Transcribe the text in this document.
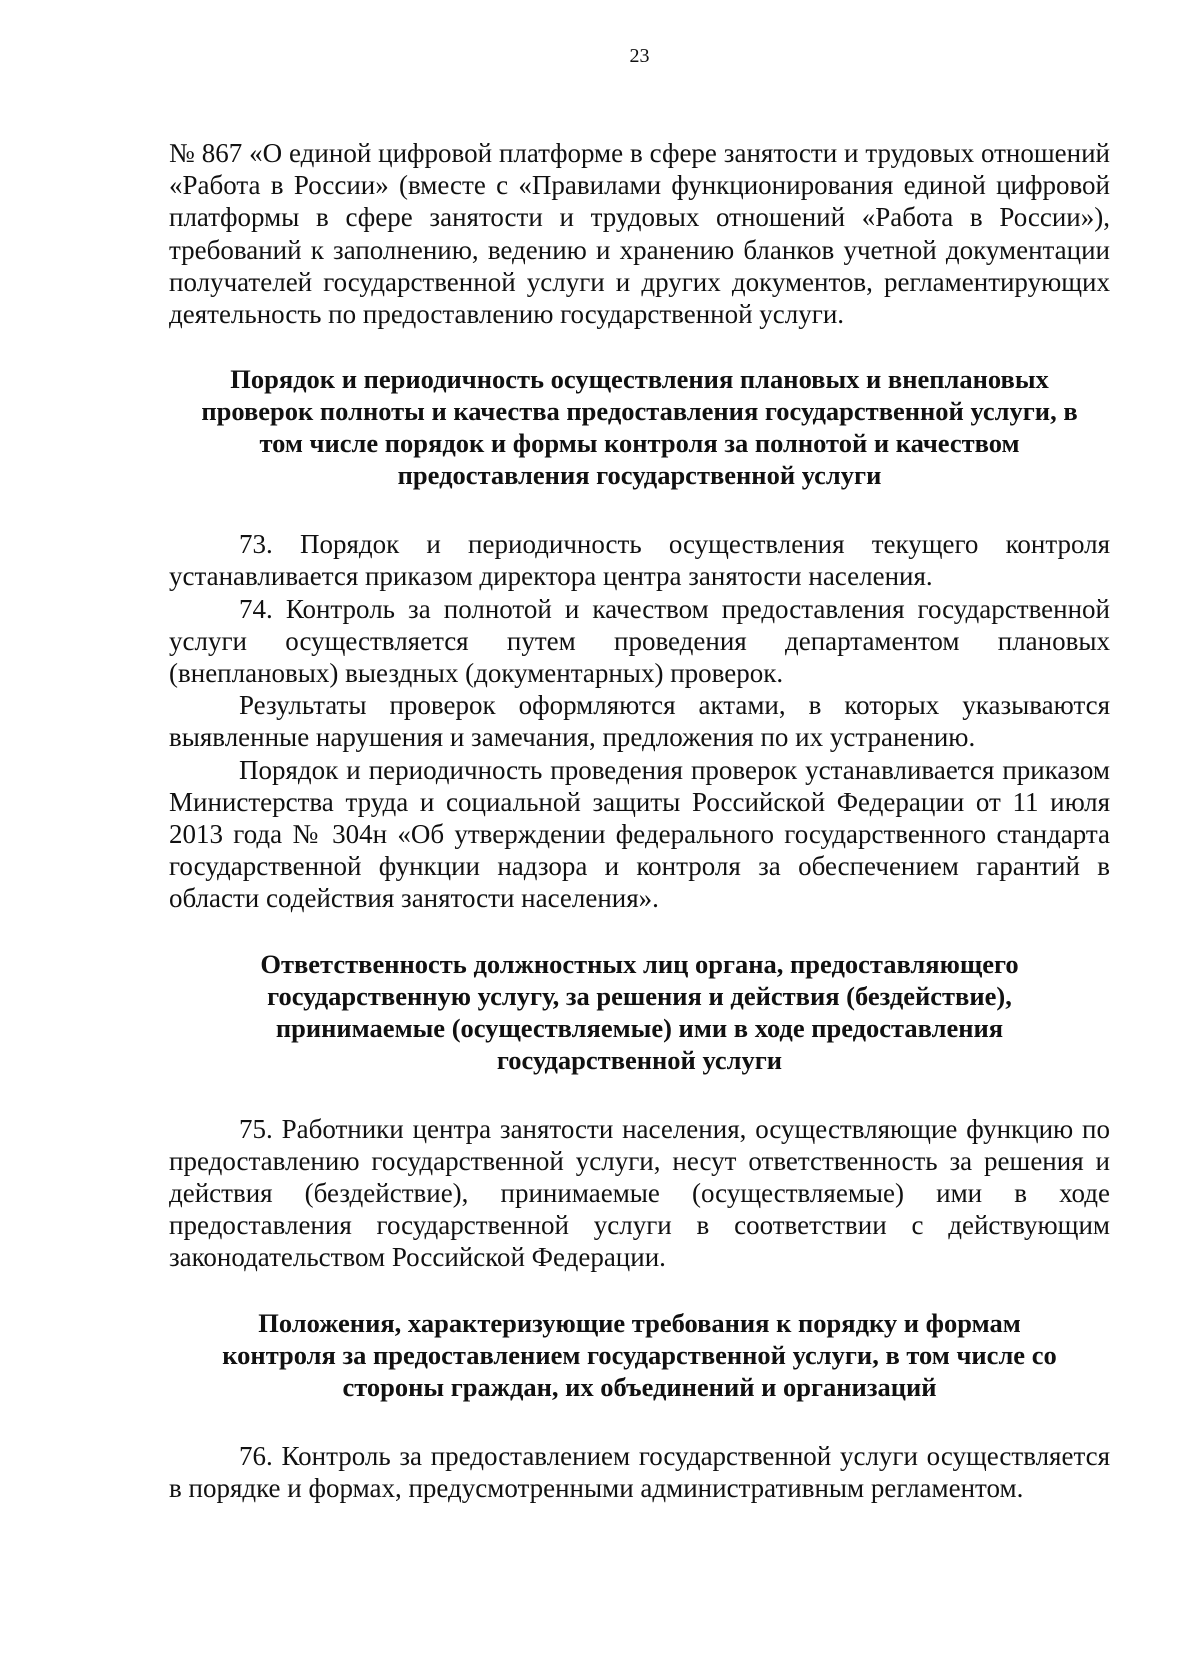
23

№ 867 «О единой цифровой платформе в сфере занятости и трудовых отношений «Работа в России» (вместе с «Правилами функционирования единой цифровой платформы в сфере занятости и трудовых отношений «Работа в России»), требований к заполнению, ведению и хранению бланков учетной документации получателей государственной услуги и других документов, регламентирующих деятельность по предоставлению государственной услуги.

Порядок и периодичность осуществления плановых и внеплановых проверок полноты и качества предоставления государственной услуги, в том числе порядок и формы контроля за полнотой и качеством предоставления государственной услуги

73. Порядок и периодичность осуществления текущего контроля устанавливается приказом директора центра занятости населения.

74. Контроль за полнотой и качеством предоставления государственной услуги осуществляется путем проведения департаментом плановых (внеплановых) выездных (документарных) проверок.

Результаты проверок оформляются актами, в которых указываются выявленные нарушения и замечания, предложения по их устранению.

Порядок и периодичность проведения проверок устанавливается приказом Министерства труда и социальной защиты Российской Федерации от 11 июля 2013 года № 304н «Об утверждении федерального государственного стандарта государственной функции надзора и контроля за обеспечением гарантий в области содействия занятости населения».

Ответственность должностных лиц органа, предоставляющего государственную услугу, за решения и действия (бездействие), принимаемые (осуществляемые) ими в ходе предоставления государственной услуги

75. Работники центра занятости населения, осуществляющие функцию по предоставлению государственной услуги, несут ответственность за решения и действия (бездействие), принимаемые (осуществляемые) ими в ходе предоставления государственной услуги в соответствии с действующим законодательством Российской Федерации.

Положения, характеризующие требования к порядку и формам контроля за предоставлением государственной услуги, в том числе со стороны граждан, их объединений и организаций

76. Контроль за предоставлением государственной услуги осуществляется в порядке и формах, предусмотренными административным регламентом.
